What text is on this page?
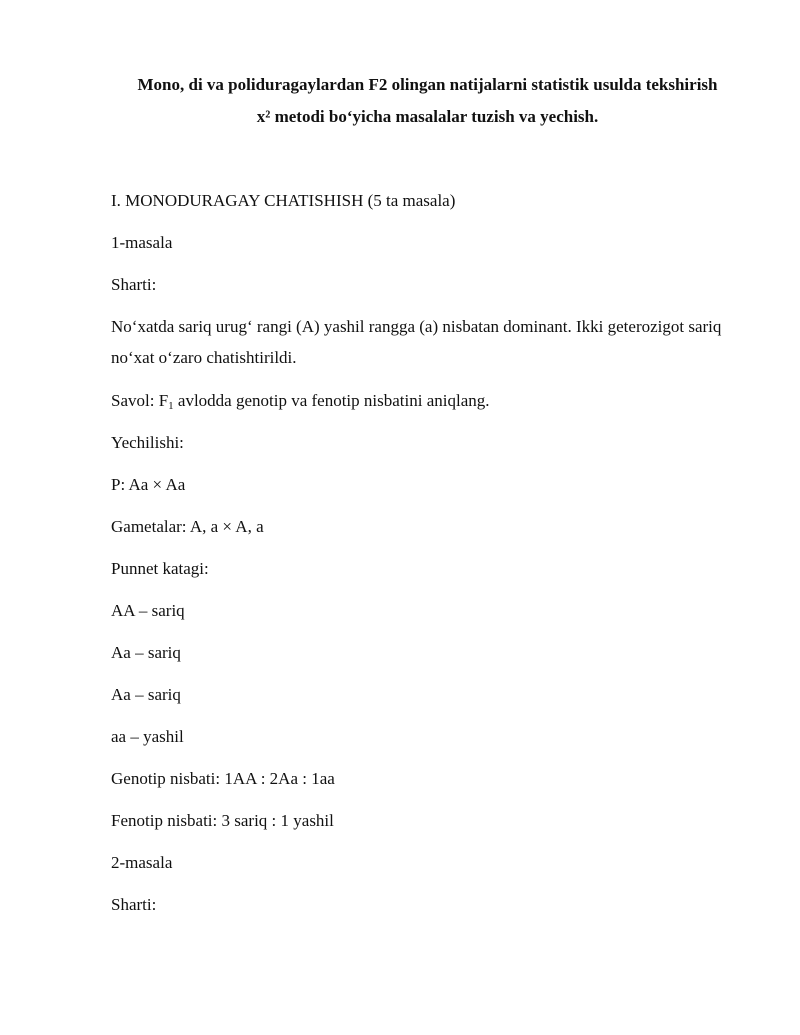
Mono, di va poliduragaylardan F2 olingan natijalarni statistik usulda tekshirish

x² metodi bo‘yicha masalalar tuzish va yechish.

I. MONODURAGAY CHATISHISH (5 ta masala)

1-masala

Sharti:

No‘xatda sariq urug‘ rangi (A) yashil rangga (a) nisbatan dominant. Ikki geterozigot sariq no‘xat o‘zaro chatishtirildi.

Savol: $F_1$ avlodda genotip va fenotip nisbatini aniqlang.

Yechilishi:

P: Aa × Aa

Gametalar: A, a × A, a

Punnet katagi:

AA – sariq

Aa – sariq

Aa – sariq

aa – yashil

Genotip nisbati: 1AA : 2Aa : 1aa

Fenotip nisbati: 3 sariq : 1 yashil

2-masala

Sharti:
